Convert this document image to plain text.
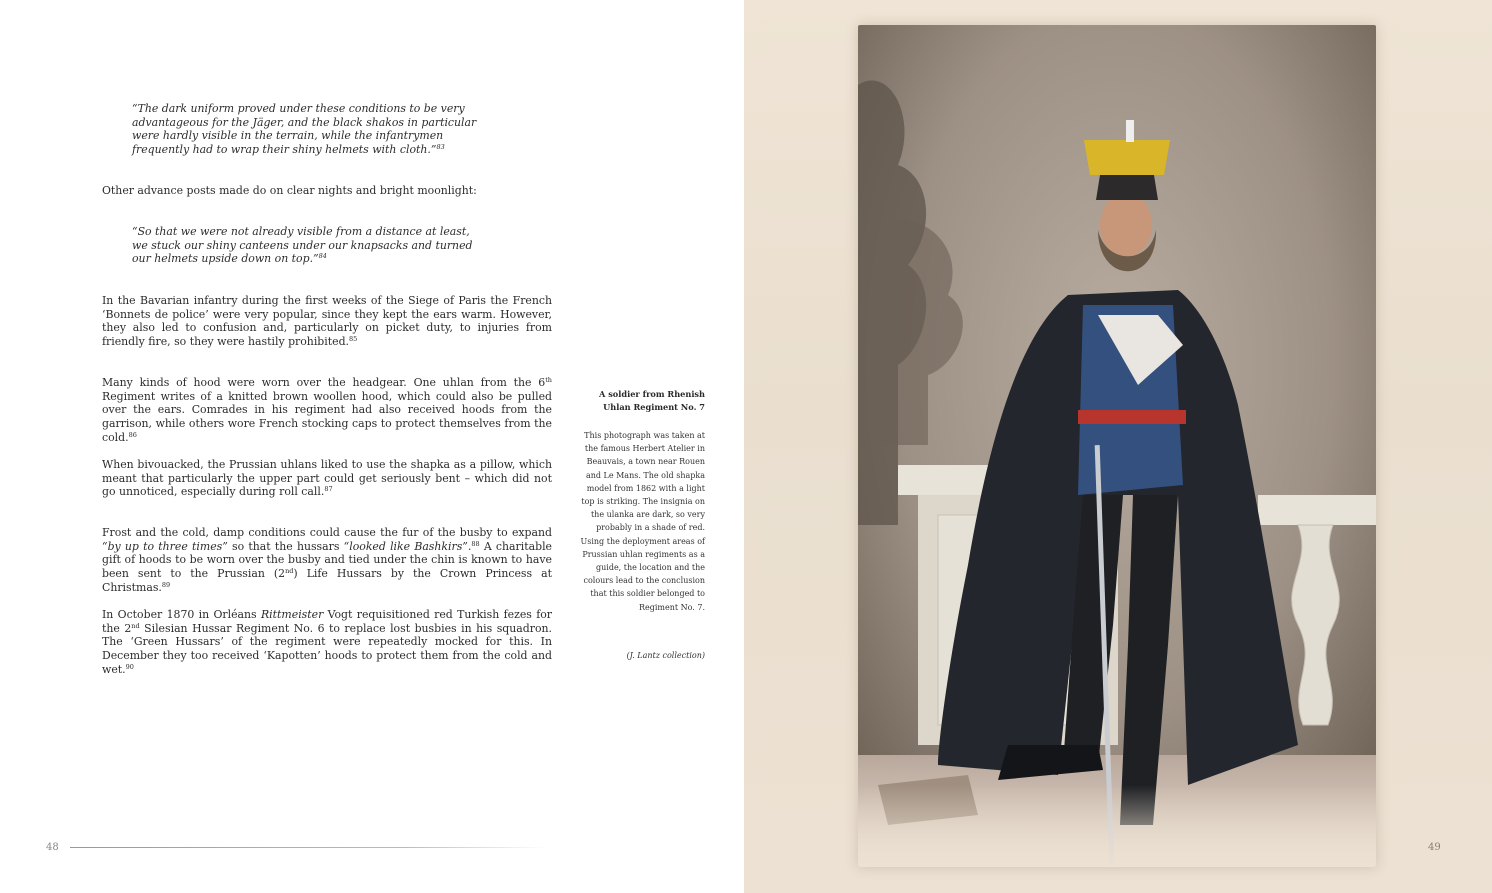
“The dark uniform proved under these conditions to be very advantageous for the Jäger, and the black shakos in particular were hardly visible in the terrain, while the infantrymen frequently had to wrap their shiny helmets with cloth.”$^{83}$
Other advance posts made do on clear nights and bright moonlight:
“So that we were not already visible from a distance at least, we stuck our shiny canteens under our knapsacks and turned our helmets upside down on top.”$^{84}$
In the Bavarian infantry during the first weeks of the Siege of Paris the French ‘Bonnets de police’ were very popular, since they kept the ears warm. However, they also led to confusion and, particularly on picket duty, to injuries from friendly fire, so they were hastily prohibited.$^{85}$
Many kinds of hood were worn over the headgear. One uhlan from the 6th Regiment writes of a knitted brown woollen hood, which could also be pulled over the ears. Comrades in his regiment had also received hoods from the garrison, while others wore French stocking caps to protect themselves from the cold.$^{86}$
When bivouacked, the Prussian uhlans liked to use the shapka as a pillow, which meant that particularly the upper part could get seriously bent – which did not go unnoticed, especially during roll call.$^{87}$
Frost and the cold, damp conditions could cause the fur of the busby to expand “by up to three times” so that the hussars “looked like Bashkirs”.$^{88}$ A charitable gift of hoods to be worn over the busby and tied under the chin is known to have been sent to the Prussian (2nd) Life Hussars by the Crown Princess at Christmas.$^{89}$
In October 1870 in Orléans Rittmeister Vogt requisitioned red Turkish fezes for the 2nd Silesian Hussar Regiment No. 6 to replace lost busbies in his squadron. The ‘Green Hussars’ of the regiment were repeatedly mocked for this. In December they too received ‘Kapotten’ hoods to protect them from the cold and wet.$^{90}$
A soldier from Rhenish Uhlan Regiment No. 7
This photograph was taken at the famous Herbert Atelier in Beauvais, a town near Rouen and Le Mans. The old shapka model from 1862 with a light top is striking. The insignia on the ulanka are dark, so very probably in a shade of red. Using the deployment areas of Prussian uhlan regiments as a guide, the location and the colours lead to the conclusion that this soldier belonged to Regiment No. 7.
(J. Lantz collection)
48	49
